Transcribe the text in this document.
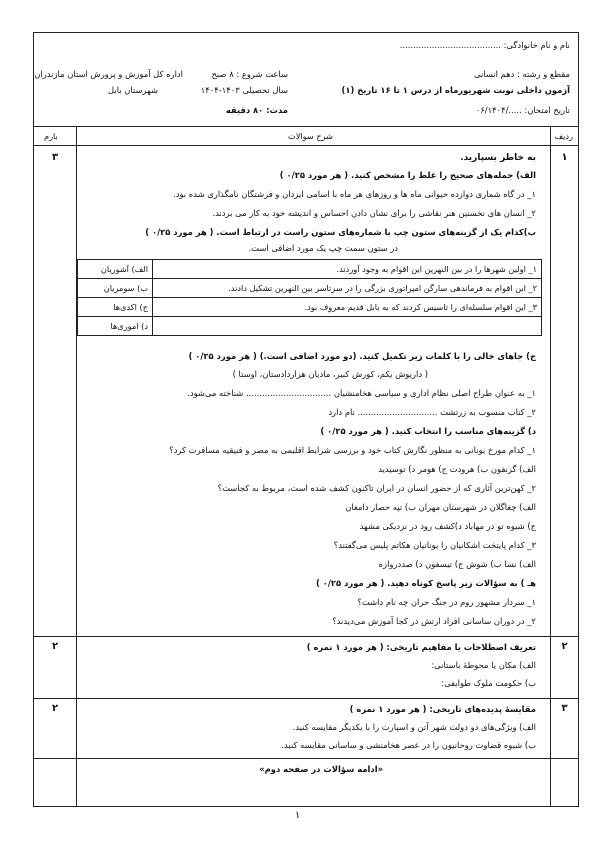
نام و نام خانوادگی: ......................................
مقطع و رشته : دهم انسانی
آزمون داخلی نوبت شهریورماه از درس ۱ تا ۱۶ تاریخ (۱)
تاریخ امتحان: ...../۰۶/۱۴۰۴
ساعت شروع : ۸ صبح
سال تحصیلی ۱۴۰۳-۱۴۰۴
مدت: ۸۰ دقیقه
اداره کل آموزش و پرورش استان مازندران
شهرستان بابل
ردیف
شرح سوالات
بارم
۱
۳	به خاطر بسپارید.
الف) جمله‌های صحیح را غلط را مشخص کنید. ( هر مورد ۰/۲۵ )
۱_ در گاه شماری دوازده حیوانی ماه ها و روزهای هر ماه با اسامی ایزدان و فرشتگان نامگذاری شده بود.
۲_ انسان های نخستین هنر نقاشی را برای نشان دادن احساس و اندیشه خود به کار می بردند.
ب)کدام یک از گزینه‌های ستون چپ با شماره‌های ستون راست در ارتباط است. ( هر مورد ۰/۲۵ )
در ستون سمت چپ یک مورد اضافی است.
۱_ اولین شهرها را در بین النهرین این اقوام به وجود آوردند.	الف) آشوریان
۲_ این اقوام به فرماندهی سارگن امپراتوری بزرگی را در سرتاسر بین النهرین تشکیل دادند.	ب) سومریان
۳_ این اقوام سلسله‌ای را تاسیس کردند که به بابل قدیم معروف بود.	ج) اکدی‌ها
	د) اموری‌ها
ج) جاهای خالی را با کلمات زیر تکمیل کنید. (دو مورد اضافی است.) ( هر مورد ۰/۲۵ )
( داریوش یکم، کورش کبیر، مادیان هزاردادستان، اوستا )
۱_ به عنوان طراح اصلی نظام اداری و سیاسی هخامنشیان ................................ شناخته می‌شود.
۲_ کتاب منسوب به زرتشت .............................. نام دارد
د) گزینه‌های مناسب را انتخاب کنید. ( هر مورد ۰/۲۵ )
۱_ کدام مورخ یونانی به منظور نگارش کتاب خود و بررسی شرایط اقلیمی به مصر و فنیقیه مسافرت کرد؟
الف) گزنفون ب) هرودت ج) هومر د) توسیدید
۲_ کهن‌ترین آثاری که از حضور انسان در ایران تاکنون کشف شده است، مربوط به کجاست؟
الف) چغاگلان در شهرستان مهران ب) تپه حصار دامغان
ج) شیوه تو در مهاباد د)کشف رود در نزدیکی مشهد
۳_ کدام پایتخت اشکانیان را یونانیان هکاتم پلیس می‌گفتند؟
الف) نسا ب) شوش ج) تیسفون د) صددروازه
هـ ) به سؤالات زیر پاسخ کوتاه دهید. ( هر مورد ۰/۲۵ )
۱_ سردار مشهور روم در جنگ حران چه نام داشت؟
۲_ در دوران ساسانی افراد ارتش در کجا آموزش می‌دیدند؟
۲
۲	تعریف اصطلاحات یا مفاهیم تاریخی: ( هر مورد ۱ نمره )
الف) مکان یا محوطهٔ باستانی:
ب) حکومت ملوک طوایفی:
۳
۲	مقایسهٔ پدیده‌های تاریخی: ( هر مورد ۱ نمره )
الف) ویژگی‌های دو دولت شهر آتن و اسپارت را با یکدیگر مقایسه کنید.
ب) شیوه قضاوت روحانیون را در عصر هخامنشی و ساسانی مقایسه کنید.
«ادامه سؤالات در صفحه دوم»
۱
